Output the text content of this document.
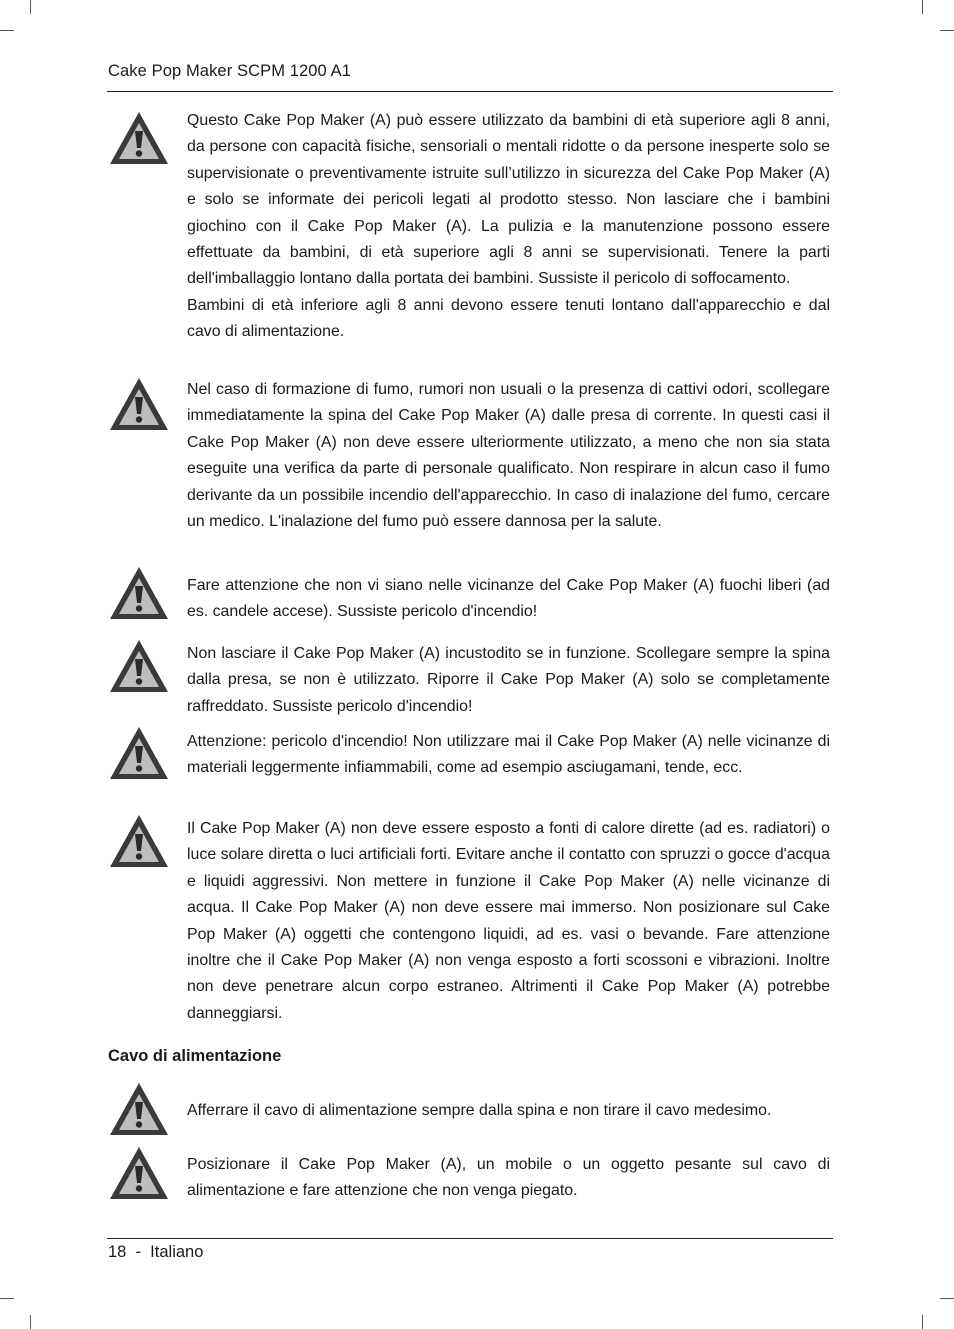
Cake Pop Maker SCPM 1200 A1

Questo Cake Pop Maker (A) può essere utilizzato da bambini di età superiore agli 8 anni, da persone con capacità fisiche, sensoriali o mentali ridotte o da persone inesperte solo se supervisionate o preventivamente istruite sull’utilizzo in sicurezza del Cake Pop Maker (A) e solo se informate dei pericoli legati al prodotto stesso. Non lasciare che i bambini giochino con il Cake Pop Maker (A). La pulizia e la manutenzione possono essere effettuate da bambini, di età superiore agli 8 anni se supervisionati. Tenere la parti dell'imballaggio lontano dalla portata dei bambini. Sussiste il pericolo di soffocamento.

Bambini di età inferiore agli 8 anni devono essere tenuti lontano dall'apparecchio e dal cavo di alimentazione.

Nel caso di formazione di fumo, rumori non usuali o la presenza di cattivi odori, scollegare immediatamente la spina del Cake Pop Maker (A) dalle presa di corrente. In questi casi il Cake Pop Maker (A) non deve essere ulteriormente utilizzato, a meno che non sia stata eseguite una verifica da parte di personale qualificato. Non respirare in alcun caso il fumo derivante da un possibile incendio dell'apparecchio. In caso di inalazione del fumo, cercare un medico. L'inalazione del fumo può essere dannosa per la salute.

Fare attenzione che non vi siano nelle vicinanze del Cake Pop Maker (A) fuochi liberi (ad es. candele accese). Sussiste pericolo d'incendio!

Non lasciare il Cake Pop Maker (A) incustodito se in funzione. Scollegare sempre la spina dalla presa, se non è utilizzato. Riporre il Cake Pop Maker (A) solo se completamente raffreddato. Sussiste pericolo d'incendio!

Attenzione: pericolo d'incendio! Non utilizzare mai il Cake Pop Maker (A) nelle vicinanze di materiali leggermente infiammabili, come ad esempio asciugamani, tende, ecc.

Il Cake Pop Maker (A) non deve essere esposto a fonti di calore dirette (ad es. radiatori) o luce solare diretta o luci artificiali forti. Evitare anche il contatto con spruzzi o gocce d'acqua e liquidi aggressivi. Non mettere in funzione il Cake Pop Maker (A) nelle vicinanze di acqua. Il Cake Pop Maker (A) non deve essere mai immerso. Non posizionare sul Cake Pop Maker (A) oggetti che contengono liquidi, ad es. vasi o bevande. Fare attenzione inoltre che il Cake Pop Maker (A) non venga esposto a forti scossoni e vibrazioni. Inoltre non deve penetrare alcun corpo estraneo. Altrimenti il Cake Pop Maker (A) potrebbe danneggiarsi.

Cavo di alimentazione

Afferrare il cavo di alimentazione sempre dalla spina e non tirare il cavo medesimo.

Posizionare il Cake Pop Maker (A), un mobile o un oggetto pesante sul cavo di alimentazione e fare attenzione che non venga piegato.

18  -  Italiano
